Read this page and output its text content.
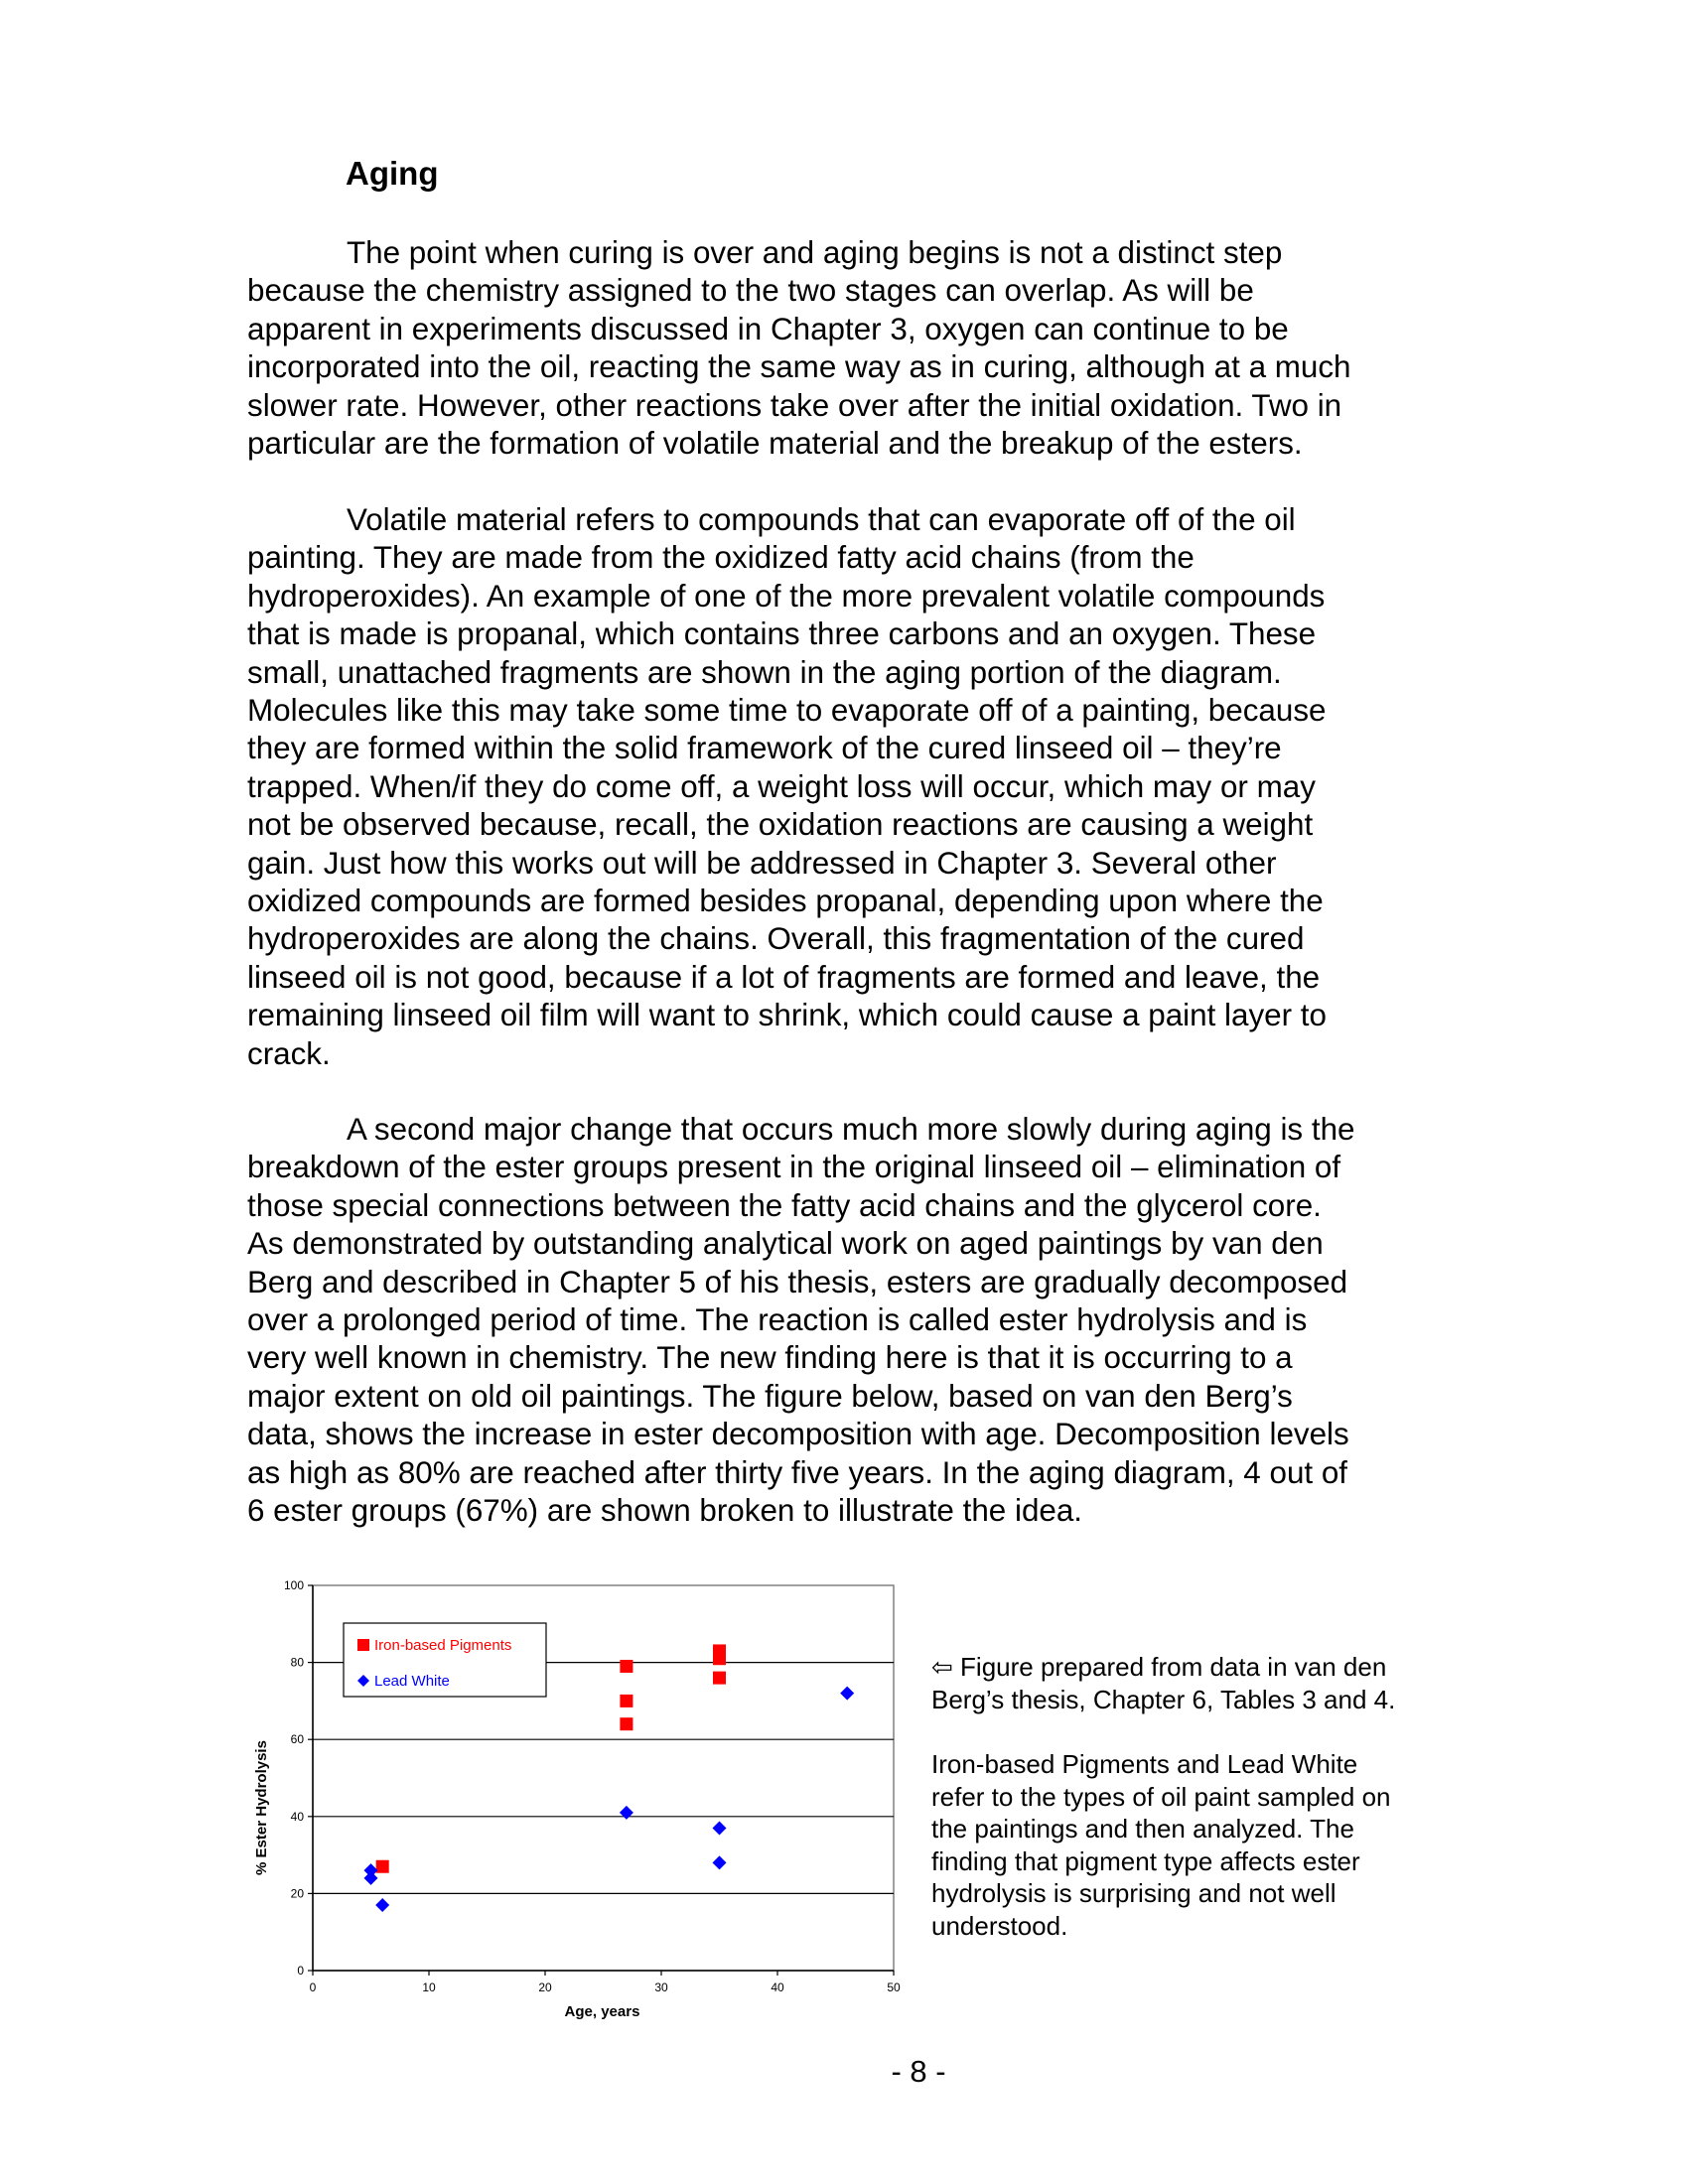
Aging
The point when curing is over and aging begins is not a distinct step
because the chemistry assigned to the two stages can overlap. As will be
apparent in experiments discussed in Chapter 3, oxygen can continue to be
incorporated into the oil, reacting the same way as in curing, although at a much
slower rate. However, other reactions take over after the initial oxidation. Two in
particular are the formation of volatile material and the breakup of the esters.
Volatile material refers to compounds that can evaporate off of the oil
painting. They are made from the oxidized fatty acid chains (from the
hydroperoxides). An example of one of the more prevalent volatile compounds
that is made is propanal, which contains three carbons and an oxygen. These
small, unattached fragments are shown in the aging portion of the diagram.
Molecules like this may take some time to evaporate off of a painting, because
they are formed within the solid framework of the cured linseed oil – they’re
trapped. When/if they do come off, a weight loss will occur, which may or may
not be observed because, recall, the oxidation reactions are causing a weight
gain. Just how this works out will be addressed in Chapter 3. Several other
oxidized compounds are formed besides propanal, depending upon where the
hydroperoxides are along the chains. Overall, this fragmentation of the cured
linseed oil is not good, because if a lot of fragments are formed and leave, the
remaining linseed oil film will want to shrink, which could cause a paint layer to
crack.
A second major change that occurs much more slowly during aging is the
breakdown of the ester groups present in the original linseed oil – elimination of
those special connections between the fatty acid chains and the glycerol core.
As demonstrated by outstanding analytical work on aged paintings by van den
Berg and described in Chapter 5 of his thesis, esters are gradually decomposed
over a prolonged period of time. The reaction is called ester hydrolysis and is
very well known in chemistry. The new finding here is that it is occurring to a
major extent on old oil paintings. The figure below, based on van den Berg’s
data, shows the increase in ester decomposition with age. Decomposition levels
as high as 80% are reached after thirty five years. In the aging diagram, 4 out of
6 ester groups (67%) are shown broken to illustrate the idea.
0
20
40
60
80
100
0	10	20	30	40	50
Age, years
% Ester Hydrolysis
Iron-based Pigments
Lead White	⇦ Figure prepared from data in van den
Berg’s thesis, Chapter 6, Tables 3 and 4.
Iron-based Pigments and Lead White
refer to the types of oil paint sampled on
the paintings and then analyzed. The
finding that pigment type affects ester
hydrolysis is surprising and not well
understood.
- 8 -
